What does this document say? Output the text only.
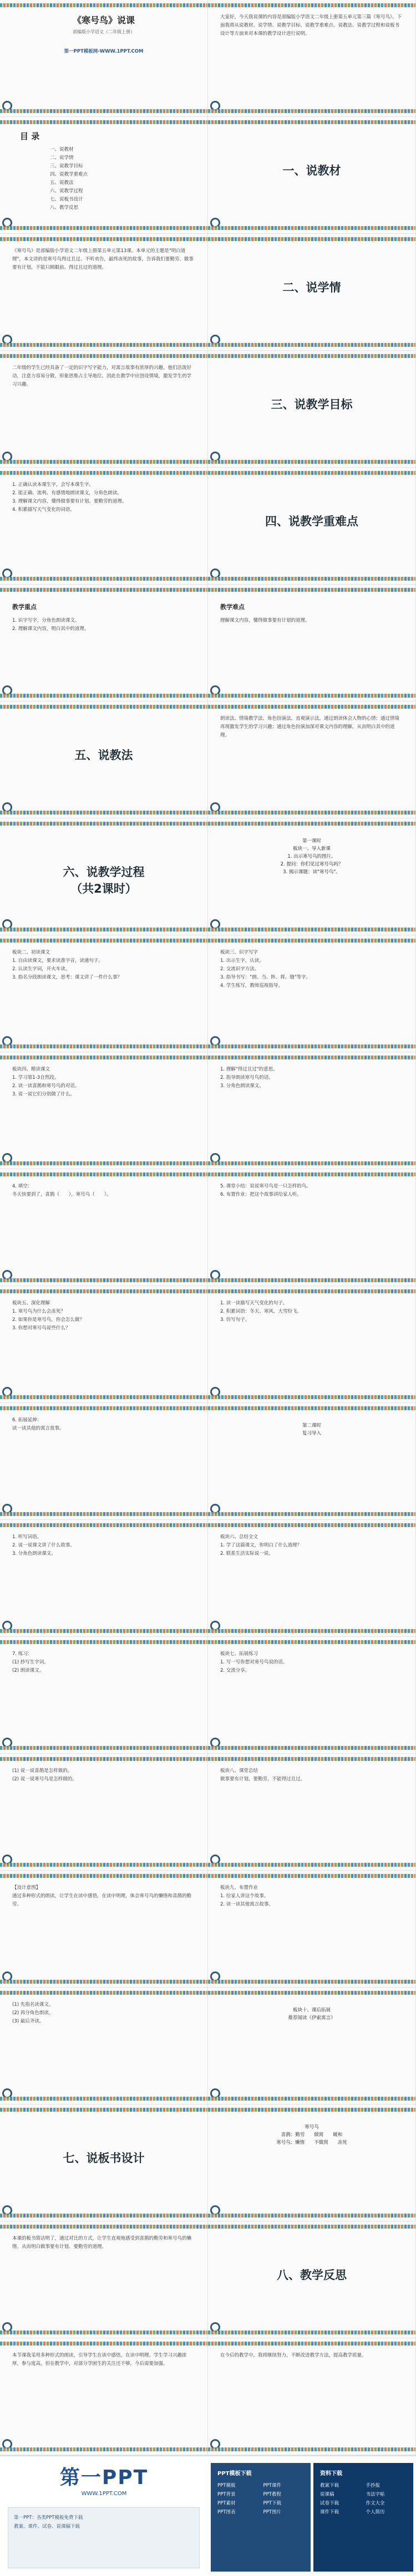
《寒号鸟》说课
部编版小学语文（二年级上册）
第一PPT模板网-WWW.1PPT.COM
大家好，今天我说课的内容是部编版小学语文二年级上册第五单元第三篇《寒号鸟》。下面我将从说教材、说学情、说教学目标、说教学重难点、说教法、说教学过程和说板书设计等方面来对本课的教学设计进行说明。
目 录
一、说教材
二、说学情
三、说教学目标
四、说教学重难点
五、说教法
六、说教学过程
七、说板书设计
八、教学反思
一、说教材
《寒号鸟》是部编版小学语文二年级上册第五单元第13课。本单元的主题是"明白道理"，本文讲的是寒号鸟得过且过、不听劝告，最终冻死的故事，告诉我们要勤劳、做事要有计划，不能只顾眼前、得过且过的道理。
二、说学情
二年级的学生已经具备了一定的识字写字能力，对寓言故事有浓厚的兴趣。他们活泼好动，注意力容易分散，形象思维占主导地位。因此在教学中应创设情境，激发学生的学习兴趣。
三、说教学目标
1. 正确认读本课生字，会写本课生字。
2. 能正确、流利、有感情地朗读课文，分角色朗读。
3. 理解课文内容，懂得做事要有计划、要勤劳的道理。
4. 积累描写天气变化的词语。
四、说教学重难点
教学重点
1. 识字写字，分角色朗读课文。
2. 理解课文内容，明白其中的道理。
教学难点
理解课文内容，懂得做事要有计划的道理。
五、说教法
朗读法、情境教学法、角色扮演法、直观演示法。通过朗读体会人物的心情；通过情境再现激发学生的学习兴趣；通过角色扮演加深对课文内容的理解，从而明白其中的道理。
六、说教学过程
（共2课时）
第一课时
板块一、导入新课
1. 出示寒号鸟的图片。
2. 提问：你们见过寒号鸟吗？
3. 揭示课题：读"寒号鸟"。
板块二、初读课文
1. 自由读课文，要求读准字音，读通句子。
2. 认读生字词，开火车读。
3. 指名分段朗读课文，思考：课文讲了一件什么事？
板块三、识字写字
1. 出示生字，认读。
2. 交流识字方法。
3. 指导书写："朗、当、阵、将、缝"等字。
4. 学生练写，教师巡视指导。
板块四、精读课文
1. 学习第1-3自然段。
2. 读一读喜鹊和寒号鸟的对话。
3. 说一说它们分别做了什么。
1. 理解"得过且过"的意思。
2. 指导朗读寒号鸟的话。
3. 分角色朗读课文。
4. 填空：
冬天快要到了，喜鹊（　　），寒号鸟（　　）。
5. 课堂小结：说说寒号鸟是一只怎样的鸟。
6. 布置作业：把这个故事讲给家人听。
板块五、深化理解
1. 寒号鸟为什么会冻死？
2. 如果你是寒号鸟，你会怎么做？
3. 你想对寒号鸟说些什么？
1. 读一读描写天气变化的句子。
2. 积累词语：冬天、寒风、大雪纷飞。
3. 仿写句子。
6. 拓展延伸：
读一读其他的寓言故事。	第二课时
复习导入
1. 听写词语。
2. 说一说课文讲了什么故事。
3. 分角色朗读课文。
板块六、总结全文
1. 学了这篇课文，你明白了什么道理？
2. 联系生活实际说一说。
7. 练习：
(1) 抄写生字词。
(2) 朗读课文。
板块七、拓展练习
1. 写一写你想对寒号鸟说的话。
2. 交流分享。
(1) 说一说喜鹊是怎样做的。
(2) 说一说寒号鸟是怎样做的。
板块八、课堂总结
做事要有计划，要勤劳，不能得过且过。
【设计意图】
通过多种形式的朗读，让学生在读中感悟，在读中明理，体会寒号鸟的懒惰和喜鹊的勤劳。
板块九、布置作业
1. 给家人讲这个故事。
2. 读一读其他寓言故事。
(1) 先指名读课文。
(2) 再分角色朗读。
(3) 最后齐读。
板块十、课后拓展
推荐阅读《伊索寓言》
七、说板书设计
寒号鸟
喜鹊：勤劳　　做窝　　暖和
寒号鸟：懒惰　　不做窝　　冻死
本课的板书简洁明了，通过对比的方式，让学生直观地感受到喜鹊的勤劳和寒号鸟的懒惰，从而明白做事要有计划、要勤劳的道理。
八、教学反思
本节课我采用多种形式的朗读，引导学生在读中感悟，在读中明理。学生学习兴趣浓厚，参与度高。但在教学中，对部分学困生的关注还不够，今后需要加强。
在今后的教学中，我将继续努力，不断改进教学方法，提高教学质量。
第一PPT
WWW.1PPT.COM
第一PPT：各类PPT模板免费下载
教案、课件、试卷、说课稿下载
PPT模板下载
PPT模板
PPT背景
PPT素材
PPT图表
PPT课件
PPT教程
PPT下载
PPT图片
资料下载
教案下载
说课稿
试卷下载
课件下载
手抄报
书法字帖
作文大全
个人简历
